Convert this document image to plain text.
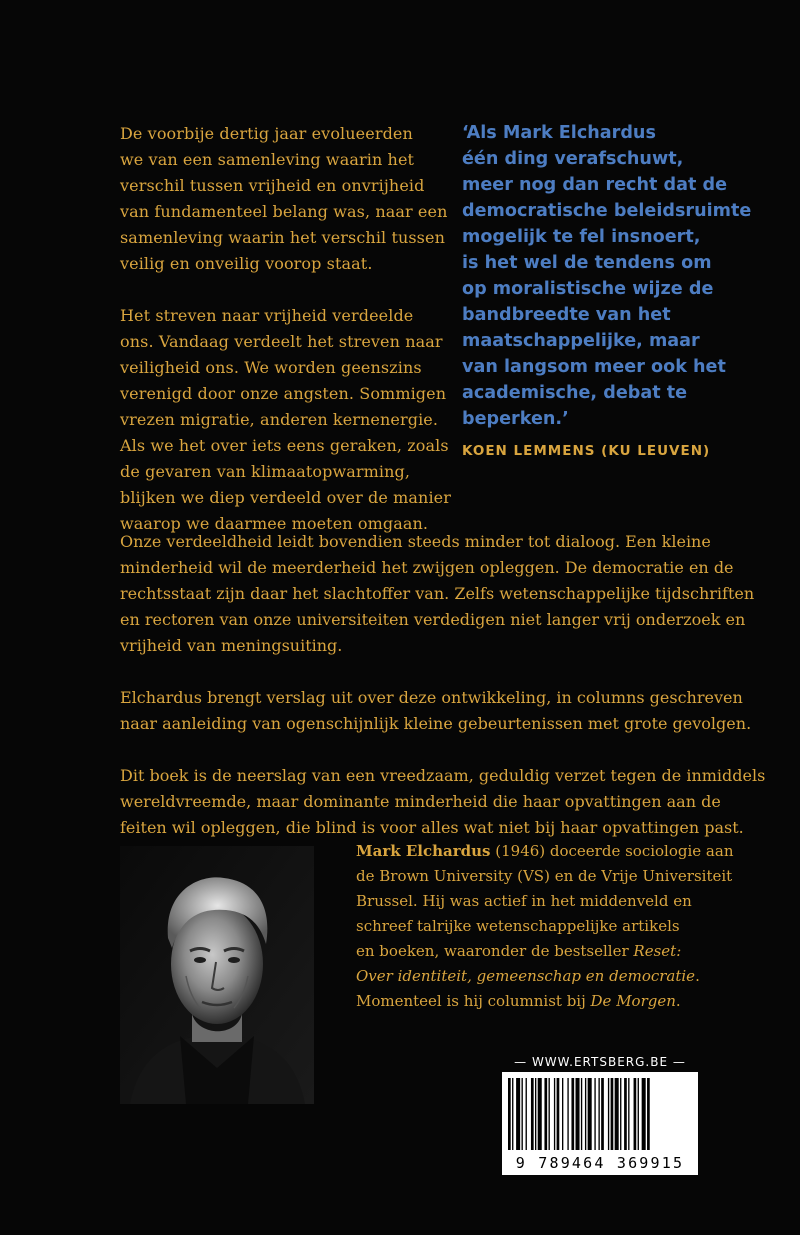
De voorbije dertig jaar evolueerden
we van een samenleving waarin het
verschil tussen vrijheid en onvrijheid
van fundamenteel belang was, naar een
samenleving waarin het verschil tussen
veilig en onveilig voorop staat.

Het streven naar vrijheid verdeelde
ons. Vandaag verdeelt het streven naar
veiligheid ons. We worden geenszins
verenigd door onze angsten. Sommigen
vrezen migratie, anderen kernenergie.
Als we het over iets eens geraken, zoals
de gevaren van klimaatopwarming,
blijken we diep verdeeld over de manier
waarop we daarmee moeten omgaan.

‘Als Mark Elchardus
één ding verafschuwt,
meer nog dan recht dat de
democratische beleidsruimte
mogelijk te fel insnoert,
is het wel de tendens om
op moralistische wijze de
bandbreedte van het
maatschappelijke, maar
van langsom meer ook het
academische, debat te
beperken.’
KOEN LEMMENS (KU LEUVEN)

Onze verdeeldheid leidt bovendien steeds minder tot dialoog. Een kleine
minderheid wil de meerderheid het zwijgen opleggen. De democratie en de
rechtsstaat zijn daar het slachtoffer van. Zelfs wetenschappelijke tijdschriften
en rectoren van onze universiteiten verdedigen niet langer vrij onderzoek en
vrijheid van meningsuiting.

Elchardus brengt verslag uit over deze ontwikkeling, in columns geschreven
naar aanleiding van ogenschijnlijk kleine gebeurtenissen met grote gevolgen.

Dit boek is de neerslag van een vreedzaam, geduldig verzet tegen de inmiddels
wereldvreemde, maar dominante minderheid die haar opvattingen aan de
feiten wil opleggen, die blind is voor alles wat niet bij haar opvattingen past.

Mark Elchardus (1946) doceerde sociologie aan
de Brown University (VS) en de Vrije Universiteit
Brussel. Hij was actief in het middenveld en
schreef talrijke wetenschappelijke artikels
en boeken, waaronder de bestseller Reset:
Over identiteit, gemeenschap en democratie.
Momenteel is hij columnist bij De Morgen.
— WWW.ERTSBERG.BE —
9 789464 369915
